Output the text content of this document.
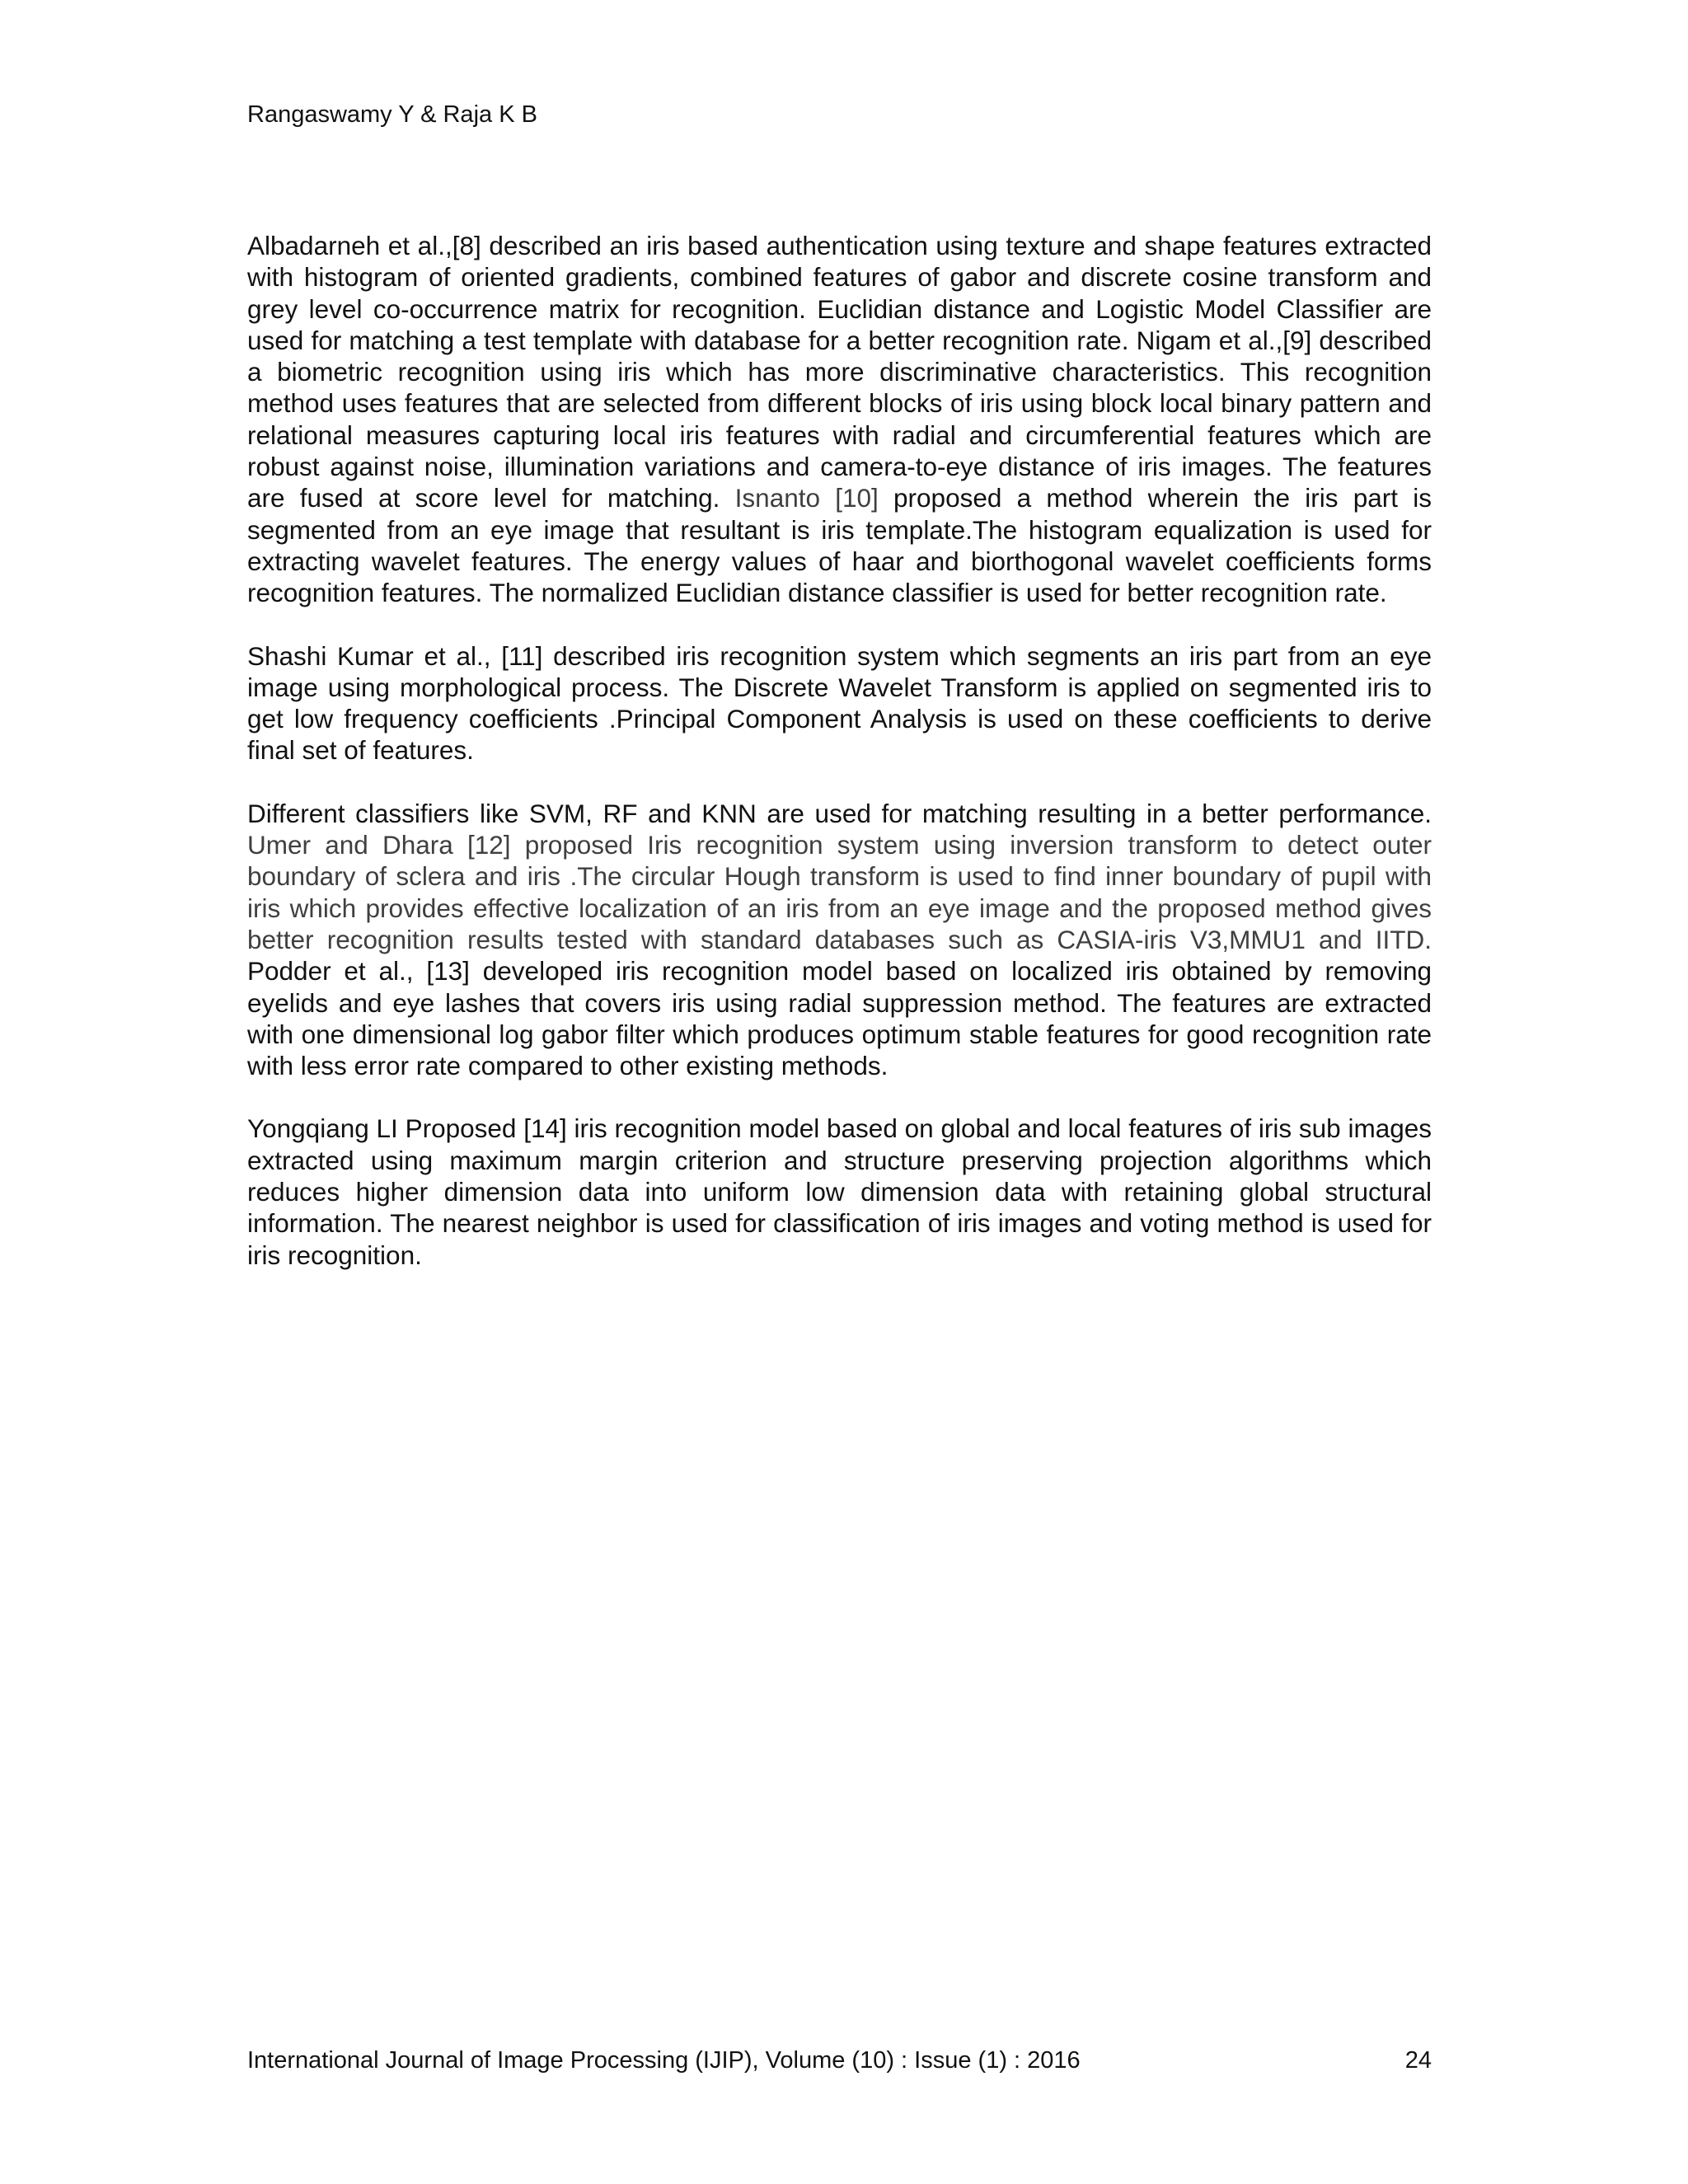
Rangaswamy Y & Raja K B

Albadarneh et al.,[8] described an iris based authentication using texture and shape features extracted with histogram of oriented gradients, combined features of gabor and discrete cosine transform and grey level co-occurrence matrix for recognition. Euclidian distance and Logistic Model Classifier are used for matching a test template with database for a better recognition rate. Nigam et al.,[9] described a biometric recognition using iris which has more discriminative characteristics. This recognition method uses features that are selected from different blocks of iris using block local binary pattern and relational measures capturing local iris features with radial and circumferential features which are robust against noise, illumination variations and camera-to-eye distance of iris images. The features are fused at score level for matching. Isnanto [10] proposed a method wherein the iris part is segmented from an eye image that resultant is iris template.The histogram equalization is used for extracting wavelet features. The energy values of haar and biorthogonal wavelet coefficients forms recognition features. The normalized Euclidian distance classifier is used for better recognition rate.

Shashi Kumar et al., [11] described iris recognition system which segments an iris part from an eye image using morphological process. The Discrete Wavelet Transform is applied on segmented iris to get low frequency coefficients .Principal Component Analysis is used on these coefficients to derive final set of features.

Different classifiers like SVM, RF and KNN are used for matching resulting in a better performance. Umer and Dhara [12] proposed Iris recognition system using inversion transform to detect outer boundary of sclera and iris .The circular Hough transform is used to find inner boundary of pupil with iris which provides effective localization of an iris from an eye image and the proposed method gives better recognition results tested with standard databases such as CASIA-iris V3,MMU1 and IITD. Podder et al., [13] developed iris recognition model based on localized iris obtained by removing eyelids and eye lashes that covers iris using radial suppression method. The features are extracted with one dimensional log gabor filter which produces optimum stable features for good recognition rate with less error rate compared to other existing methods.

Yongqiang LI Proposed [14] iris recognition model based on global and local features of iris sub images extracted using maximum margin criterion and structure preserving projection algorithms which reduces higher dimension data into uniform low dimension data with retaining global structural information. The nearest neighbor is used for classification of iris images and voting method is used for iris recognition.

International Journal of Image Processing (IJIP), Volume (10) : Issue (1) : 2016	24
